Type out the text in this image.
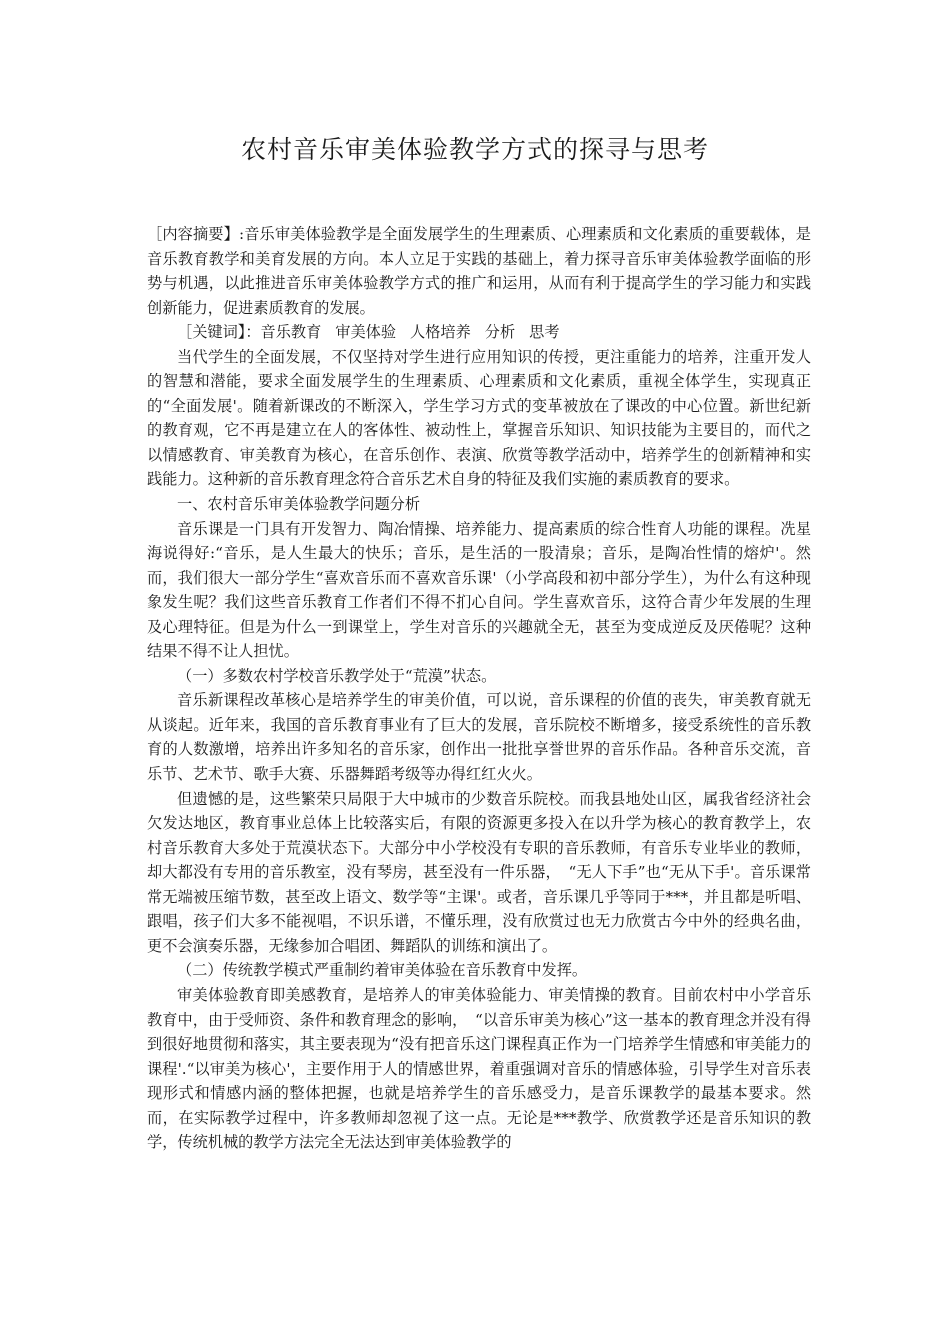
农村音乐审美体验教学方式的探寻与思考

［内容摘要】:音乐审美体验教学是全面发展学生的生理素质、心理素质和文化素质的重要载体，是音乐教育教学和美育发展的方向。本人立足于实践的基础上，着力探寻音乐审美体验教学面临的形势与机遇，以此推进音乐审美体验教学方式的推广和运用，从而有利于提高学生的学习能力和实践创新能力，促进素质教育的发展。

［关键词】：音乐教育 审美体验 人格培养 分析 思考

当代学生的全面发展，不仅坚持对学生进行应用知识的传授，更注重能力的培养，注重开发人的智慧和潜能，要求全面发展学生的生理素质、心理素质和文化素质，重视全体学生，实现真正的“全面发展'。随着新课改的不断深入，学生学习方式的变革被放在了课改的中心位置。新世纪新的教育观，它不再是建立在人的客体性、被动性上，掌握音乐知识、知识技能为主要目的，而代之以情感教育、审美教育为核心，在音乐创作、表演、欣赏等教学活动中，培养学生的创新精神和实践能力。这种新的音乐教育理念符合音乐艺术自身的特征及我们实施的素质教育的要求。

一、农村音乐审美体验教学问题分析

音乐课是一门具有开发智力、陶冶情操、培养能力、提高素质的综合性育人功能的课程。冼星海说得好:“音乐，是人生最大的快乐；音乐，是生活的一股清泉；音乐，是陶冶性情的熔炉'。然而，我们很大一部分学生“喜欢音乐而不喜欢音乐课'（小学高段和初中部分学生），为什么有这种现象发生呢？我们这些音乐教育工作者们不得不扪心自问。学生喜欢音乐，这符合青少年发展的生理及心理特征。但是为什么一到课堂上，学生对音乐的兴趣就全无，甚至为变成逆反及厌倦呢？这种结果不得不让人担忧。

（一）多数农村学校音乐教学处于“荒漠”状态。

音乐新课程改革核心是培养学生的审美价值，可以说，音乐课程的价值的丧失，审美教育就无从谈起。近年来，我国的音乐教育事业有了巨大的发展，音乐院校不断增多，接受系统性的音乐教育的人数激增，培养出许多知名的音乐家，创作出一批批享誉世界的音乐作品。各种音乐交流，音乐节、艺术节、歌手大赛、乐器舞蹈考级等办得红红火火。

但遗憾的是，这些繁荣只局限于大中城市的少数音乐院校。而我县地处山区，属我省经济社会欠发达地区，教育事业总体上比较落实后，有限的资源更多投入在以升学为核心的教育教学上，农村音乐教育大多处于荒漠状态下。大部分中小学校没有专职的音乐教师，有音乐专业毕业的教师，却大都没有专用的音乐教室，没有琴房，甚至没有一件乐器，　“无人下手”也“无从下手'。音乐课常常无端被压缩节数，甚至改上语文、数学等“主课'。或者，音乐课几乎等同于***，并且都是听唱、跟唱，孩子们大多不能视唱，不识乐谱，不懂乐理，没有欣赏过也无力欣赏古今中外的经典名曲，更不会演奏乐器，无缘参加合唱团、舞蹈队的训练和演出了。

（二）传统教学模式严重制约着审美体验在音乐教育中发挥。

审美体验教育即美感教育，是培养人的审美体验能力、审美情操的教育。目前农村中小学音乐教育中，由于受师资、条件和教育理念的影响，　“以音乐审美为核心”这一基本的教育理念并没有得到很好地贯彻和落实，其主要表现为“没有把音乐这门课程真正作为一门培养学生情感和审美能力的课程'.“以审美为核心'，主要作用于人的情感世界，着重强调对音乐的情感体验，引导学生对音乐表现形式和情感内涵的整体把握，也就是培养学生的音乐感受力，是音乐课教学的最基本要求。然而，在实际教学过程中，许多教师却忽视了这一点。无论是***教学、欣赏教学还是音乐知识的教学，传统机械的教学方法完全无法达到审美体验教学的
